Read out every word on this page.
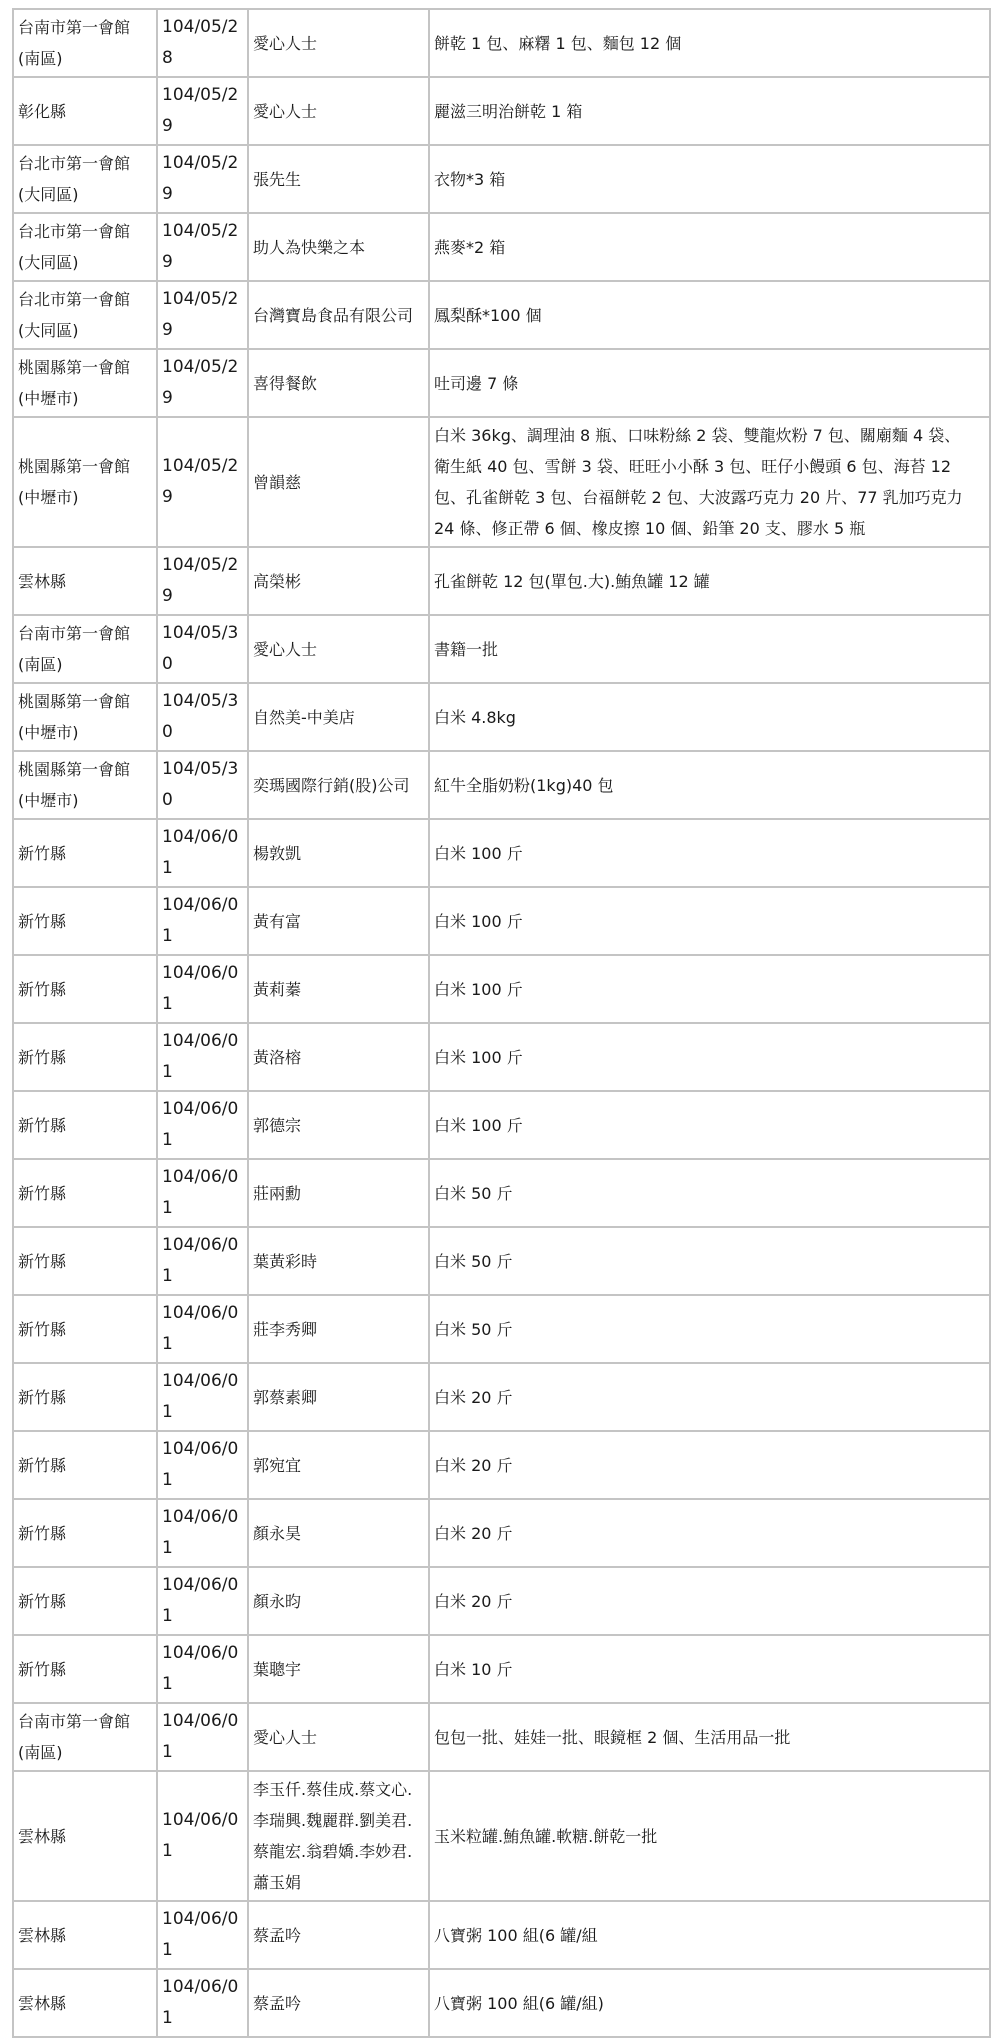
台南市第一會館
(南區)	104/05/28	愛心人士	餅乾 1 包、麻糬 1 包、麵包 12 個

彰化縣	104/05/29	愛心人士	麗滋三明治餅乾 1 箱

台北市第一會館
(大同區)	104/05/29	張先生	衣物*3 箱

台北市第一會館
(大同區)	104/05/29	助人為快樂之本	燕麥*2 箱

台北市第一會館
(大同區)	104/05/29	台灣寶島食品有限公司	鳳梨酥*100 個

桃園縣第一會館
(中壢市)	104/05/29	喜得餐飲	吐司邊 7 條

桃園縣第一會館
(中壢市)	104/05/29	曾韻慈	白米 36kg、調理油 8 瓶、口味粉絲 2 袋、雙龍炊粉 7 包、關廟麵 4 袋、
衛生紙 40 包、雪餅 3 袋、旺旺小小酥 3 包、旺仔小饅頭 6 包、海苔 12
包、孔雀餅乾 3 包、台福餅乾 2 包、大波露巧克力 20 片、77 乳加巧克力
24 條、修正帶 6 個、橡皮擦 10 個、鉛筆 20 支、膠水 5 瓶

雲林縣	104/05/29	高榮彬	孔雀餅乾 12 包(單包.大).鮪魚罐 12 罐

台南市第一會館
(南區)	104/05/30	愛心人士	書籍一批

桃園縣第一會館
(中壢市)	104/05/30	自然美-中美店	白米 4.8kg

桃園縣第一會館
(中壢市)	104/05/30	奕瑪國際行銷(股)公司	紅牛全脂奶粉(1kg)40 包

新竹縣	104/06/01	楊敦凱	白米 100 斤

新竹縣	104/06/01	黃有富	白米 100 斤

新竹縣	104/06/01	黃莉蓁	白米 100 斤

新竹縣	104/06/01	黃洛榕	白米 100 斤

新竹縣	104/06/01	郭德宗	白米 100 斤

新竹縣	104/06/01	莊兩勳	白米 50 斤

新竹縣	104/06/01	葉黃彩時	白米 50 斤

新竹縣	104/06/01	莊李秀卿	白米 50 斤

新竹縣	104/06/01	郭蔡素卿	白米 20 斤

新竹縣	104/06/01	郭宛宜	白米 20 斤

新竹縣	104/06/01	顏永昊	白米 20 斤

新竹縣	104/06/01	顏永昀	白米 20 斤

新竹縣	104/06/01	葉聰宇	白米 10 斤

台南市第一會館
(南區)	104/06/01	愛心人士	包包一批、娃娃一批、眼鏡框 2 個、生活用品一批

雲林縣	104/06/01	李玉仟.蔡佳成.蔡文心.
李瑞興.魏麗群.劉美君.
蔡龍宏.翁碧嬌.李妙君.
蕭玉娟	玉米粒罐.鮪魚罐.軟糖.餅乾一批

雲林縣	104/06/01	蔡孟吟	八寶粥 100 組(6 罐/組

雲林縣	104/06/01	蔡孟吟	八寶粥 100 組(6 罐/組)
